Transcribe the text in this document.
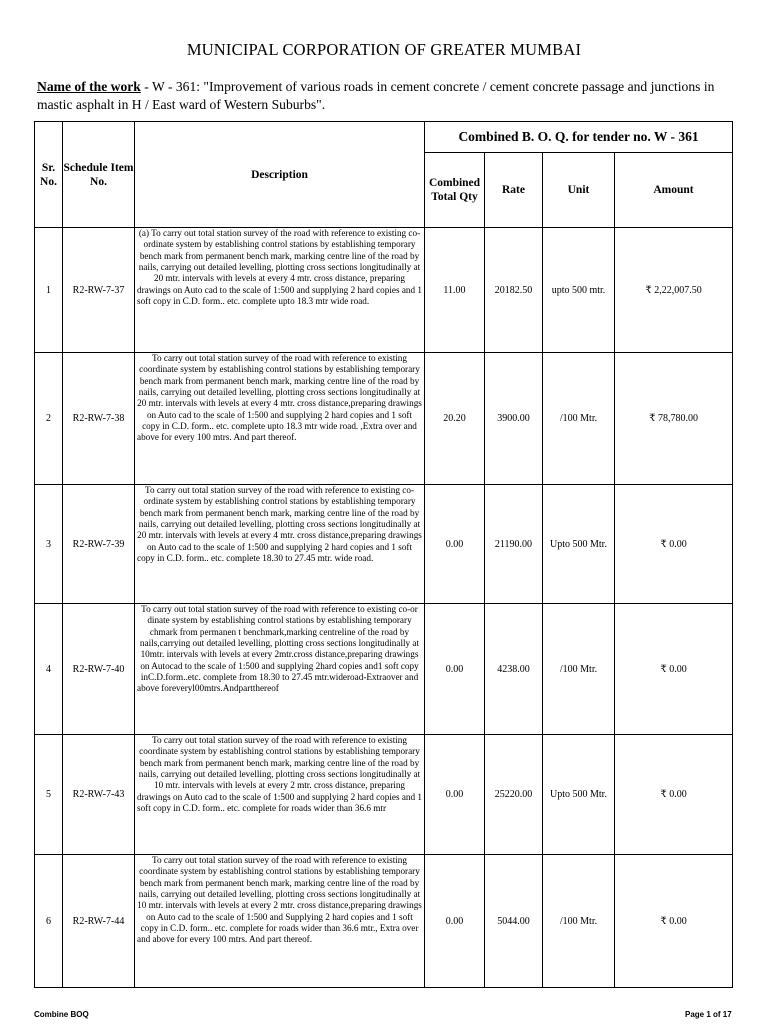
MUNICIPAL CORPORATION OF GREATER MUMBAI
Name of the work - W - 361: "Improvement of various roads in cement concrete / cement concrete passage and junctions in mastic asphalt in H / East ward of Western Suburbs".
Sr. No.	Schedule Item No.	Description	Combined B. O. Q. for tender no. W - 361			
			Combined Total Qty	Rate	Unit	Amount
1	R2-RW-7-37	(a) To carry out total station survey of the road with reference to existing co-ordinate system by establishing control stations by establishing temporary bench mark from permanent bench mark, marking centre line of the road by nails, carrying out detailed levelling, plotting cross sections longitudinally at 20 mtr. intervals with levels at every 4 mtr. cross distance, preparing drawings on Auto cad to the scale of 1:500 and supplying 2 hard copies and 1 soft copy in C.D. form.. etc. complete upto 18.3 mtr wide road.	11.00	20182.50	upto 500 mtr.	₹ 2,22,007.50
2	R2-RW-7-38	To carry out total station survey of the road with reference to existing coordinate system by establishing control stations by establishing temporary bench mark from permanent bench mark, marking centre line of the road by nails, carrying out detailed levelling, plotting cross sections longitudinally at 20 mtr. intervals with levels at every 4 mtr. cross distance,preparing drawings on Auto cad to the scale of 1:500 and supplying 2 hard copies and 1 soft copy in C.D. form.. etc. complete upto 18.3 mtr wide road. ,Extra over and above for every 100 mtrs. And part thereof.	20.20	3900.00	/100 Mtr.	₹ 78,780.00
3	R2-RW-7-39	To carry out total station survey of the road with reference to existing co-ordinate system by establishing control stations by establishing temporary bench mark from permanent bench mark, marking centre line of the road by nails, carrying out detailed levelling, plotting cross sections longitudinally at 20 mtr. intervals with levels at every 4 mtr. cross distance,preparing drawings on Auto cad to the scale of 1:500 and supplying 2 hard copies and 1 soft copy in C.D. form.. etc. complete 18.30 to 27.45 mtr. wide road.	0.00	21190.00	Upto 500 Mtr.	₹ 0.00
4	R2-RW-7-40	To carry out total station survey of the road with reference to existing co-or dinate system by establishing control stations by establishing temporary chmark from permanen t benchmark,marking centreline of the road by nails,carrying out detailed levelling, plotting cross sections longitudinally at 10mtr. intervals with levels at every 2mtr.cross distance,preparing drawings on Autocad to the scale of 1:500 and supplying 2hard copies and1 soft copy inC.D.form..etc. complete from 18.30 to 27.45 mtr.wideroad-Extraover and above foreveryl00mtrs.Andpartthereof	0.00	4238.00	/100 Mtr.	₹ 0.00
5	R2-RW-7-43	To carry out total station survey of the road with reference to existing coordinate system by establishing control stations by establishing temporary bench mark from permanent bench mark, marking centre line of the road by nails, carrying out detailed levelling, plotting cross sections longitudinally at 10 mtr. intervals with levels at every 2 mtr. cross distance, preparing drawings on Auto cad to the scale of 1:500 and supplying 2 hard copies and 1 soft copy in C.D. form.. etc. complete for roads wider than 36.6 mtr	0.00	25220.00	Upto 500 Mtr.	₹ 0.00
6	R2-RW-7-44	To carry out total station survey of the road with reference to existing coordinate system by establishing control stations by establishing temporary bench mark from permanent bench mark, marking centre line of the road by nails, carrying out detailed levelling, plotting cross sections longitudinally at 10 mtr. intervals with levels at every 2 mtr. cross distance,preparing drawings on Auto cad to the scale of 1:500 and Supplying 2 hard copies and 1 soft copy in C.D. form.. etc. complete for roads wider than 36.6 mtr., Extra over and above for every 100 mtrs. And part thereof.	0.00	5044.00	/100 Mtr.	₹ 0.00
Combine BOQ	Page 1 of 17
